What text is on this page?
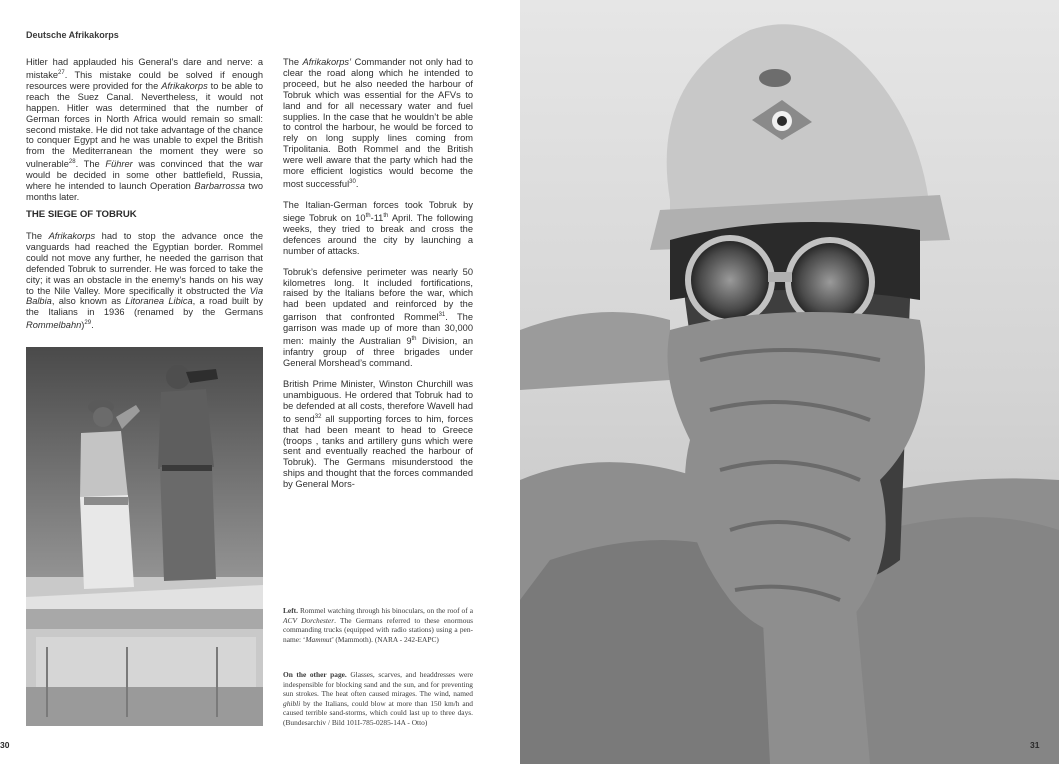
Deutsche Afrikakorps

Hitler had applauded his General’s dare and nerve: a mistake$^{27}$. This mistake could be solved if enough resources were provided for the Afrikakorps to be able to reach the Suez Canal. Nevertheless, it would not happen. Hitler was determined that the number of German forces in North Africa would remain so small: second mistake. He did not take advantage of the chance to conquer Egypt and he was unable to expel the British from the Mediterranean the moment they were so vulnerable$^{28}$. The Führer was convinced that the war would be decided in some other battlefield, Russia, where he intended to launch Operation Barbarrossa two months later.

THE SIEGE OF TOBRUK

The Afrikakorps had to stop the advance once the vanguards had reached the Egyptian border. Rommel could not move any further, he needed the garrison that defended Tobruk to surrender. He was forced to take the city; it was an obstacle in the enemy’s hands on his way to the Nile Valley. More specifically it obstructed the Via Balbia, also known as Litoranea Libica, a road built by the Italians in 1936 (renamed by the Germans Rommelbahn)$^{29}$.

The Afrikakorps’ Commander not only had to clear the road along which he intended to proceed, but he also needed the harbour of Tobruk which was essential for the AFVs to land and for all necessary water and fuel supplies. In the case that he wouldn’t be able to control the harbour, he would be forced to rely on long supply lines coming from Tripolitania. Both Rommel and the British were well aware that the party which had the more efficient logistics would become the most successful$^{30}$.

The Italian-German forces took Tobruk by siege Tobruk on 10th-11th April. The following weeks, they tried to break and cross the defences around the city by launching a number of attacks.

Tobruk’s defensive perimeter was nearly 50 kilometres long. It included fortifications, raised by the Italians before the war, which had been updated and reinforced by the garrison that confronted Rommel$^{31}$. The garrison was made up of more than 30,000 men: mainly the Australian 9th Division, an infantry group of three brigades under General Morshead’s command.

British Prime Minister, Winston Churchill was unambiguous. He ordered that Tobruk had to be defended at all costs, therefore Wavell had to send$^{32}$ all supporting forces to him, forces that had been meant to head to Greece (troops , tanks and artillery guns which were sent and eventually reached the harbour of Tobruk). The Germans misunderstood the ships and thought that the forces commanded by General Mors-

Left. Rommel watching through his binoculars, on the roof of a ACV Dorchester. The Germans referred to these enormous commanding trucks (equipped with radio stations) using a pen-name: ‘Mammut’ (Mammoth). (NARA - 242-EAPC)
On the other page. Glasses, scarves, and headdresses were indespensible for blocking sand and the sun, and for preventing sun strokes. The heat often caused mirages. The wind, named ghibli by the Italians, could blow at more than 150 km/h and caused terrible sand-storms, which could last up to three days. (Bundesarchiv / Bild 101I-785-0285-14A - Otto)
30	31
